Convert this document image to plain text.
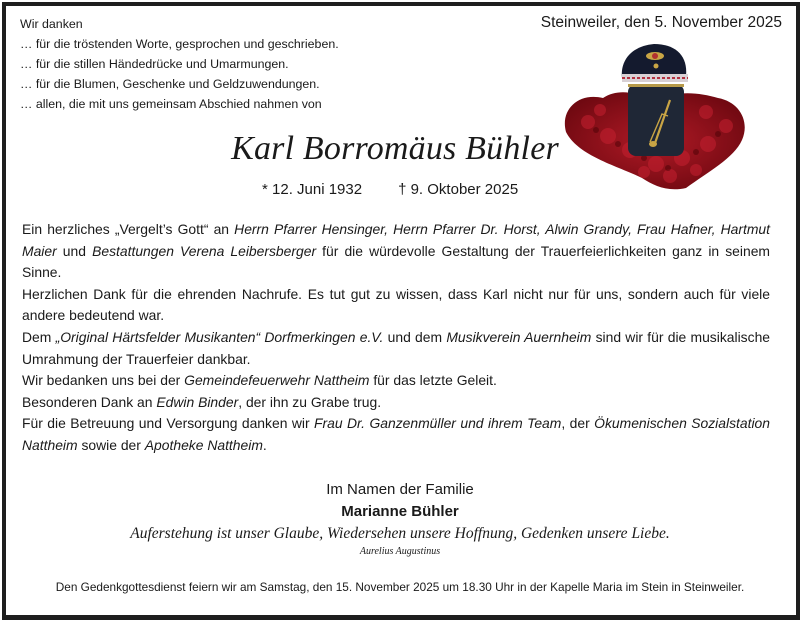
Wir danken
… für die tröstenden Worte, gesprochen und geschrieben.
… für die stillen Händedrücke und Umarmungen.
… für die Blumen, Geschenke und Geldzuwendungen.
… allen, die mit uns gemeinsam Abschied nahmen von
Steinweiler, den 5. November 2025
Karl Borromäus Bühler
* 12. Juni 1932 † 9. Oktober 2025

Ein herzliches „Vergelt’s Gott“ an Herrn Pfarrer Hensinger, Herrn Pfarrer Dr. Horst, Alwin Grandy, Frau Hafner, Hartmut Maier und Bestattungen Verena Leibersberger für die würdevolle Gestaltung der Trauerfeierlichkeiten ganz in seinem Sinne.

Herzlichen Dank für die ehrenden Nachrufe. Es tut gut zu wissen, dass Karl nicht nur für uns, sondern auch für viele andere bedeutend war.

Dem „Original Härtsfelder Musikanten“ Dorfmerkingen e.V. und dem Musikverein Auernheim sind wir für die musikalische Umrahmung der Trauerfeier dankbar.

Wir bedanken uns bei der Gemeindefeuerwehr Nattheim für das letzte Geleit.

Besonderen Dank an Edwin Binder, der ihn zu Grabe trug.

Für die Betreuung und Versorgung danken wir Frau Dr. Ganzenmüller und ihrem Team, der Ökumenischen Sozialstation Nattheim sowie der Apotheke Nattheim.

Im Namen der Familie
Marianne Bühler
Auferstehung ist unser Glaube, Wiedersehen unsere Hoffnung, Gedenken unsere Liebe.
Aurelius Augustinus
Den Gedenkgottesdienst feiern wir am Samstag, den 15. November 2025 um 18.30 Uhr in der Kapelle Maria im Stein in Steinweiler.
